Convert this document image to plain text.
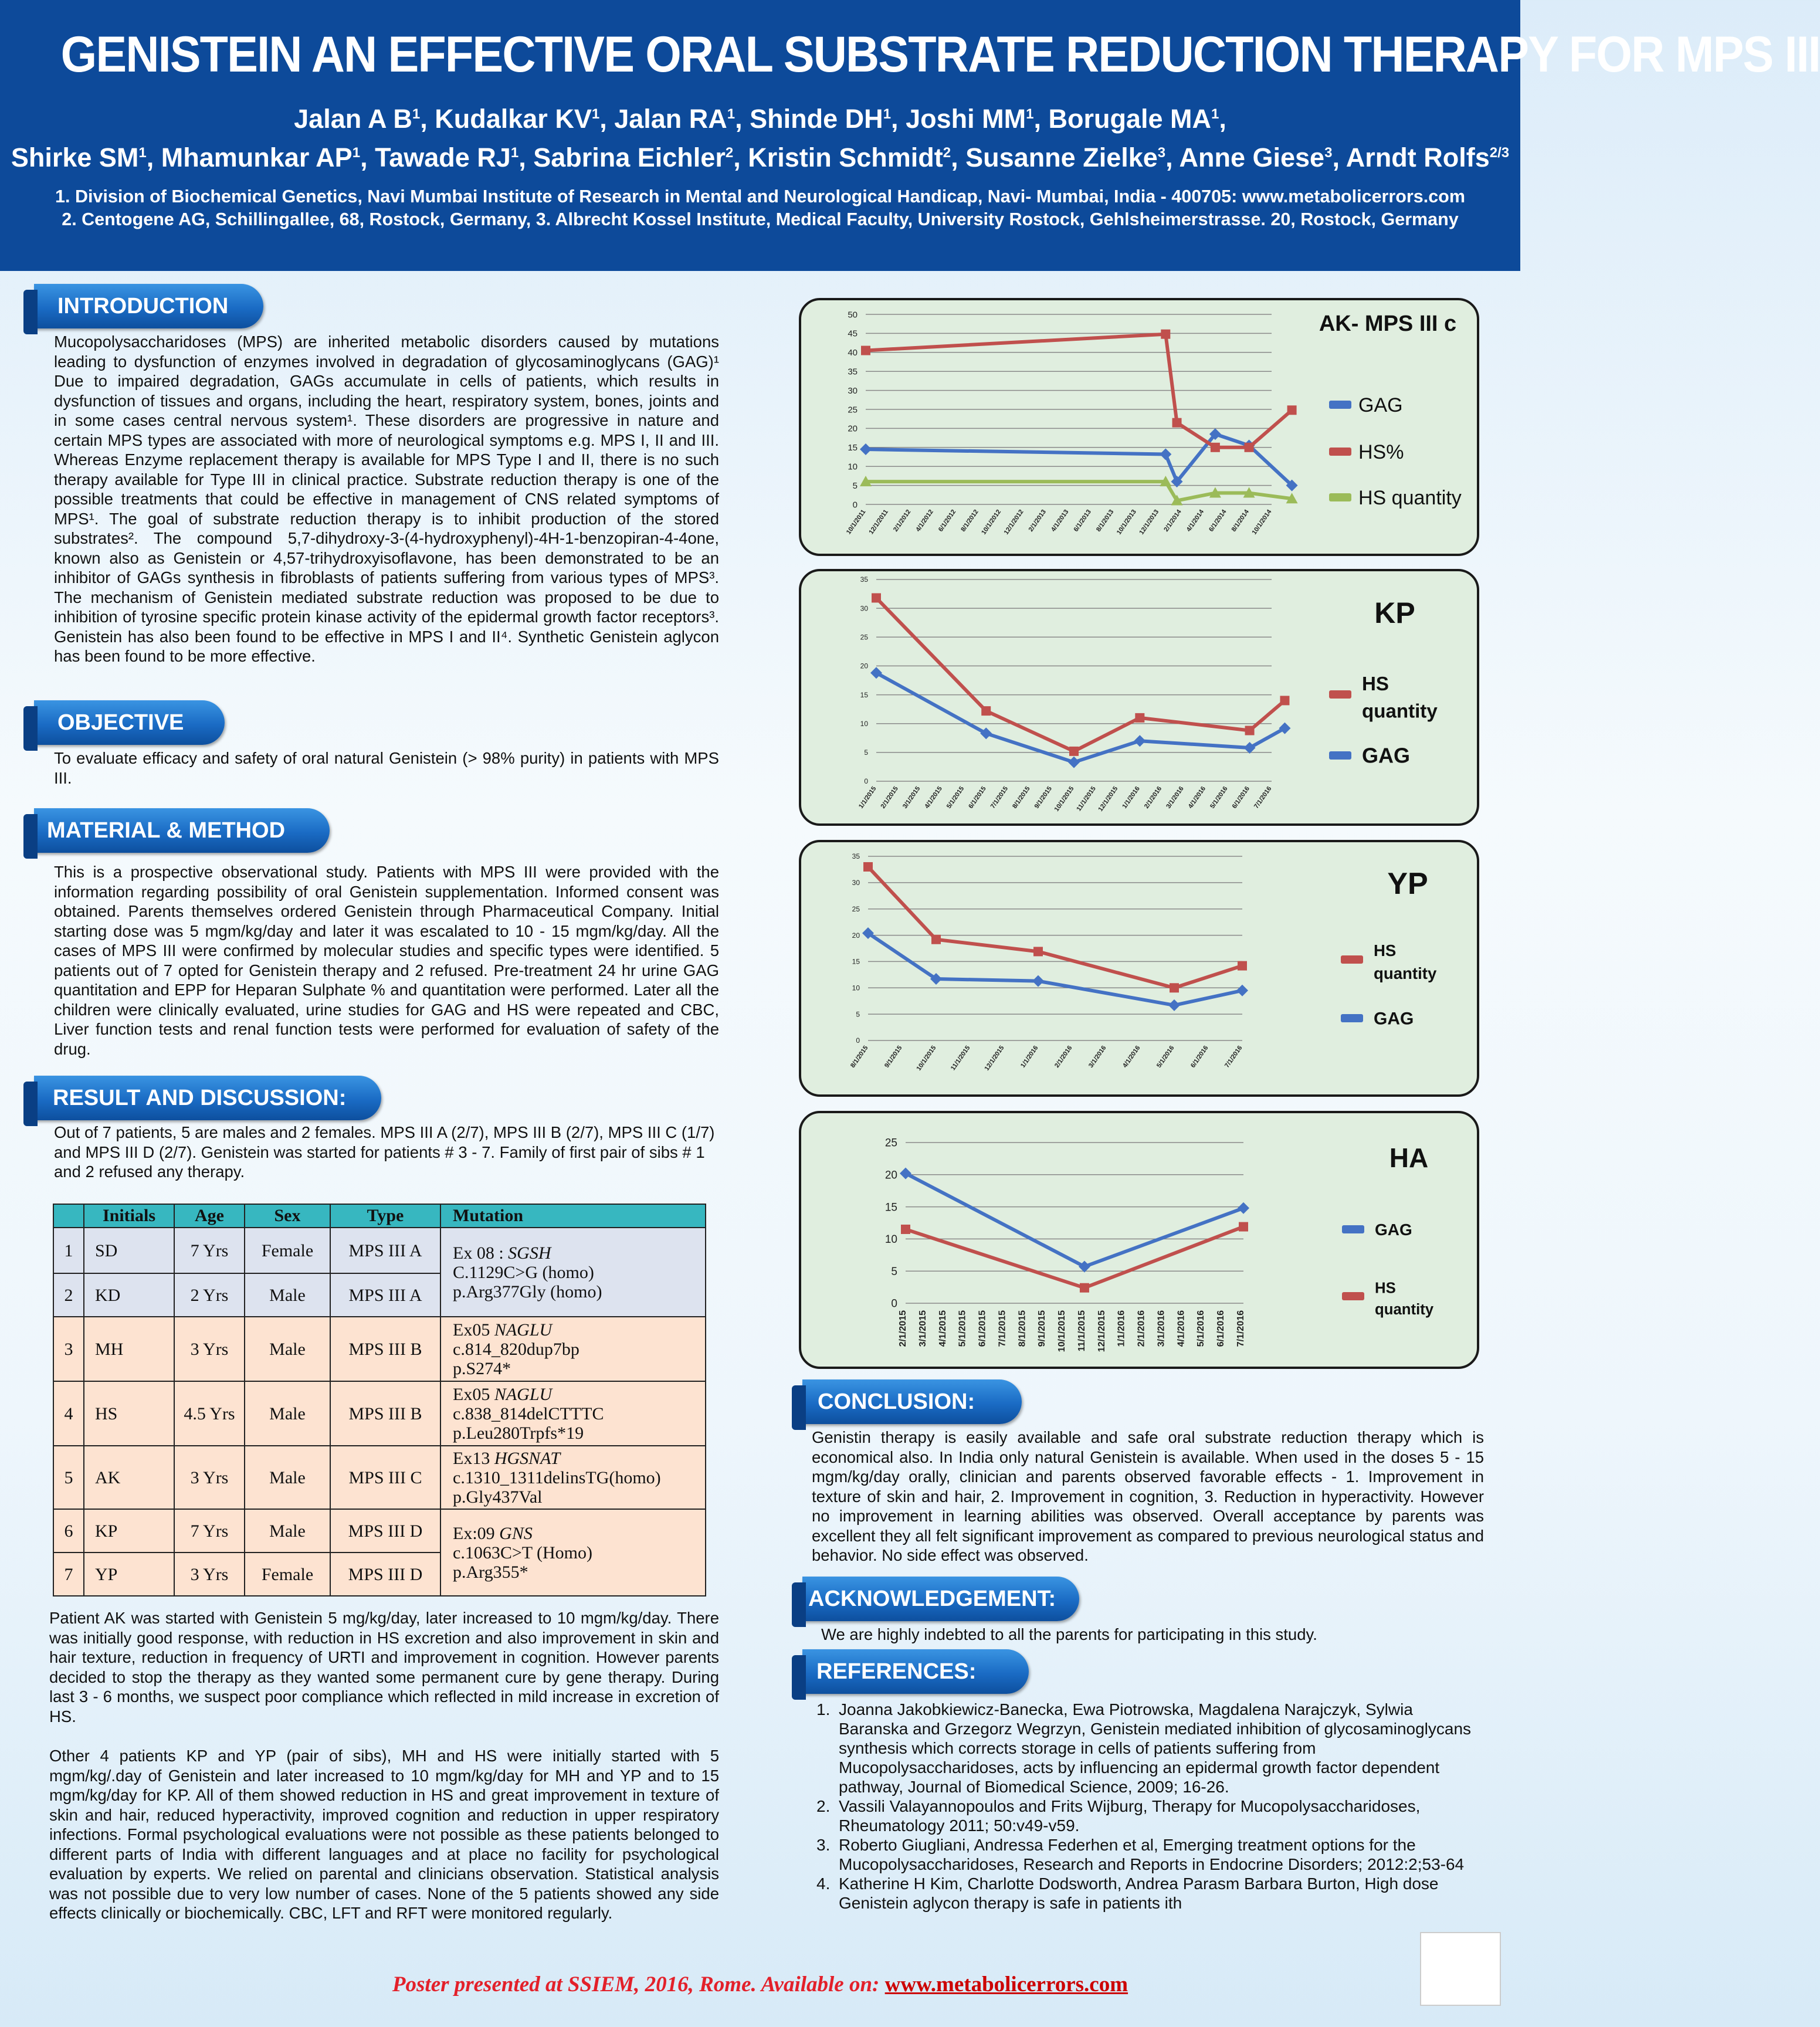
GENISTEIN AN EFFECTIVE ORAL SUBSTRATE REDUCTION THERAPY FOR MPS III
Jalan A $B^1$, Kudalkar $KV^1$, Jalan $RA^1$, Shinde $DH^1$, Joshi $MM^1$, Borugale $MA^1$,
Shirke $SM^1$, Mhamunkar $AP^1$, Tawade $RJ^1$, Sabrina Eichler$^2$, Kristin Schmidt$^2$, Susanne Zielke$^3$, Anne Giese$^3$, Arndt Rolfs$^{2/3}$
1. Division of Biochemical Genetics, Navi Mumbai Institute of Research in Mental and Neurological Handicap, Navi- Mumbai, India - 400705: www.metabolicerrors.com
2. Centogene AG, Schillingallee, 68, Rostock, Germany, 3. Albrecht Kossel Institute, Medical Faculty, University Rostock, Gehlsheimerstrasse. 20, Rostock, Germany
INTRODUCTION
Mucopolysaccharidoses (MPS) are inherited metabolic disorders caused by mutations leading to dysfunction of enzymes involved in degradation of glycosaminoglycans (GAG)¹ Due to impaired degradation, GAGs accumulate in cells of patients, which results in dysfunction of tissues and organs, including the heart, respiratory system, bones, joints and in some cases central nervous system¹. These disorders are progressive in nature and certain MPS types are associated with more of neurological symptoms e.g. MPS I, II and III. Whereas Enzyme replacement therapy is available for MPS Type I and II, there is no such therapy available for Type III in clinical practice. Substrate reduction therapy is one of the possible treatments that could be effective in management of CNS related symptoms of MPS¹. The goal of substrate reduction therapy is to inhibit production of the stored substrates². The compound 5,7-dihydroxy-3-(4-hydroxyphenyl)-4H-1-benzopiran-4-4one, known also as Genistein or 4,57-trihydroxyisoflavone, has been demonstrated to be an inhibitor of GAGs synthesis in fibroblasts of patients suffering from various types of MPS³. The mechanism of Genistein mediated substrate reduction was proposed to be due to inhibition of tyrosine specific protein kinase activity of the epidermal growth factor receptors³. Genistein has also been found to be effective in MPS I and II⁴. Synthetic Genistein aglycon has been found to be more effective.
OBJECTIVE
To evaluate efficacy and safety of oral natural Genistein (> 98% purity) in patients with MPS III.
MATERIAL & METHOD
This is a prospective observational study. Patients with MPS III were provided with the information regarding possibility of oral Genistein supplementation. Informed consent was obtained. Parents themselves ordered Genistein through Pharmaceutical Company. Initial starting dose was 5 mgm/kg/day and later it was escalated to 10 - 15 mgm/kg/day. All the cases of MPS III were confirmed by molecular studies and specific types were identified. 5 patients out of 7 opted for Genistein therapy and 2 refused. Pre-treatment 24 hr urine GAG quantitation and EPP for Heparan Sulphate % and quantitation were performed. Later all the children were clinically evaluated, urine studies for GAG and HS were repeated and CBC, Liver function tests and renal function tests were performed for evaluation of safety of the drug.
RESULT AND DISCUSSION:
Out of 7 patients, 5 are males and 2 females. MPS III A (2/7), MPS III B (2/7), MPS III C (1/7) and MPS III D (2/7). Genistein was started for patients # 3 - 7. Family of first pair of sibs # 1 and 2 refused any therapy.
	Initials	Age	Sex	Type	Mutation
1	SD	7 Yrs	Female	MPS III A	Ex 08 : SGSH
C.1129C>G (homo)
p.Arg377Gly (homo)

2	KD	2 Yrs	Male	MPS III A	
3	MH	3 Yrs	Male	MPS III B	Ex05 NAGLU
c.814_820dup7bp
p.S274*

4	HS	4.5 Yrs	Male	MPS III B	Ex05 NAGLU
c.838_814delCTTTC
p.Leu280Trpfs*19

5	AK	3 Yrs	Male	MPS III C	Ex13 HGSNAT
c.1310_1311delinsTG(homo)
p.Gly437Val

6	KP	7 Yrs	Male	MPS III D	Ex:09 GNS
c.1063C>T (Homo)
p.Arg355*

7	YP	3 Yrs	Female	MPS III D	
Patient AK was started with Genistein 5 mg/kg/day, later increased to 10 mgm/kg/day. There was initially good response, with reduction in HS excretion and also improvement in skin and hair texture, reduction in frequency of URTI and improvement in cognition. However parents decided to stop the therapy as they wanted some permanent cure by gene therapy. During last 3 - 6 months, we suspect poor compliance which reflected in mild increase in excretion of HS.
Other 4 patients KP and YP (pair of sibs), MH and HS were initially started with 5 mgm/kg/.day of Genistein and later increased to 10 mgm/kg/day for MH and YP and to 15 mgm/kg/day for KP. All of them showed reduction in HS and great improvement in texture of skin and hair, reduced hyperactivity, improved cognition and reduction in upper respiratory infections. Formal psychological evaluations were not possible as these patients belonged to different parts of India with different languages and at place no facility for psychological evaluation by experts. We relied on parental and clinicians observation. Statistical analysis was not possible due to very low number of cases. None of the 5 patients showed any side effects clinically or biochemically. CBC, LFT and RFT were monitored regularly.
0
5
10
15
20
25
30
35
40
45
50
10/1/2011 12/1/2011 2/1/2012 4/1/2012 6/1/2012 8/1/2012 10/1/2012 12/1/2012 2/1/2013 4/1/2013 6/1/2013 8/1/2013 10/1/2013 12/1/2013 2/1/2014 4/1/2014 6/1/2014 8/1/2014 10/1/2014
GAG
HS%
HS quantity
AK- MPS III c
0
5
10
15
20
25
30
35
1/1/2015 2/1/2015 3/1/2015 4/1/2015 5/1/2015 6/1/2015 7/1/2015 8/1/2015 9/1/2015 10/1/2015 11/1/2015 12/1/2015 1/1/2016 2/1/2016 3/1/2016 4/1/2016 5/1/2016 6/1/2016 7/1/2016
HS
quantity
GAG
KP
0
5
10
15
20
25
30
35
8/1/2015 9/1/2015 10/1/2015 11/1/2015 12/1/2015 1/1/2016 2/1/2016 3/1/2016 4/1/2016 5/1/2016 6/1/2016 7/1/2016
HS
quantity
GAG
YP
0
5
10
15
20
25
2/1/2015 3/1/2015 4/1/2015 5/1/2015 6/1/2015 7/1/2015 8/1/2015 9/1/2015 10/1/2015 11/1/2015 12/1/2015 1/1/2016 2/1/2016 3/1/2016 4/1/2016 5/1/2016 6/1/2016 7/1/2016
GAG
HS
quantity
HA
CONCLUSION:
Genistin therapy is easily available and safe oral substrate reduction therapy which is economical also. In India only natural Genistein is available. When used in the doses 5 - 15 mgm/kg/day orally, clinician and parents observed favorable effects - 1. Improvement in texture of skin and hair, 2. Improvement in cognition, 3. Reduction in hyperactivity. However no improvement in learning abilities was observed. Overall acceptance by parents was excellent they all felt significant improvement as compared to previous neurological status and behavior. No side effect was observed.
ACKNOWLEDGEMENT:
We are highly indebted to all the parents for participating in this study.
REFERENCES:
1. Joanna Jakobkiewicz-Banecka, Ewa Piotrowska, Magdalena Narajczyk, Sylwia Baranska and Grzegorz Wegrzyn, Genistein mediated inhibition of glycosaminoglycans synthesis which corrects storage in cells of patients suffering from Mucopolysaccharidoses, acts by influencing an epidermal growth factor dependent pathway, Journal of Biomedical Science, 2009; 16-26.
2. Vassili Valayannopoulos and Frits Wijburg, Therapy for Mucopolysaccharidoses, Rheumatology 2011; 50:v49-v59.
3. Roberto Giugliani, Andressa Federhen et al, Emerging treatment options for the Mucopolysaccharidoses, Research and Reports in Endocrine Disorders; 2012:2;53-64
4. Katherine H Kim, Charlotte Dodsworth, Andrea Parasm Barbara Burton, High dose Genistein aglycon therapy is safe in patients ith
Poster presented at SSIEM, 2016, Rome. Available on: www.metabolicerrors.com
